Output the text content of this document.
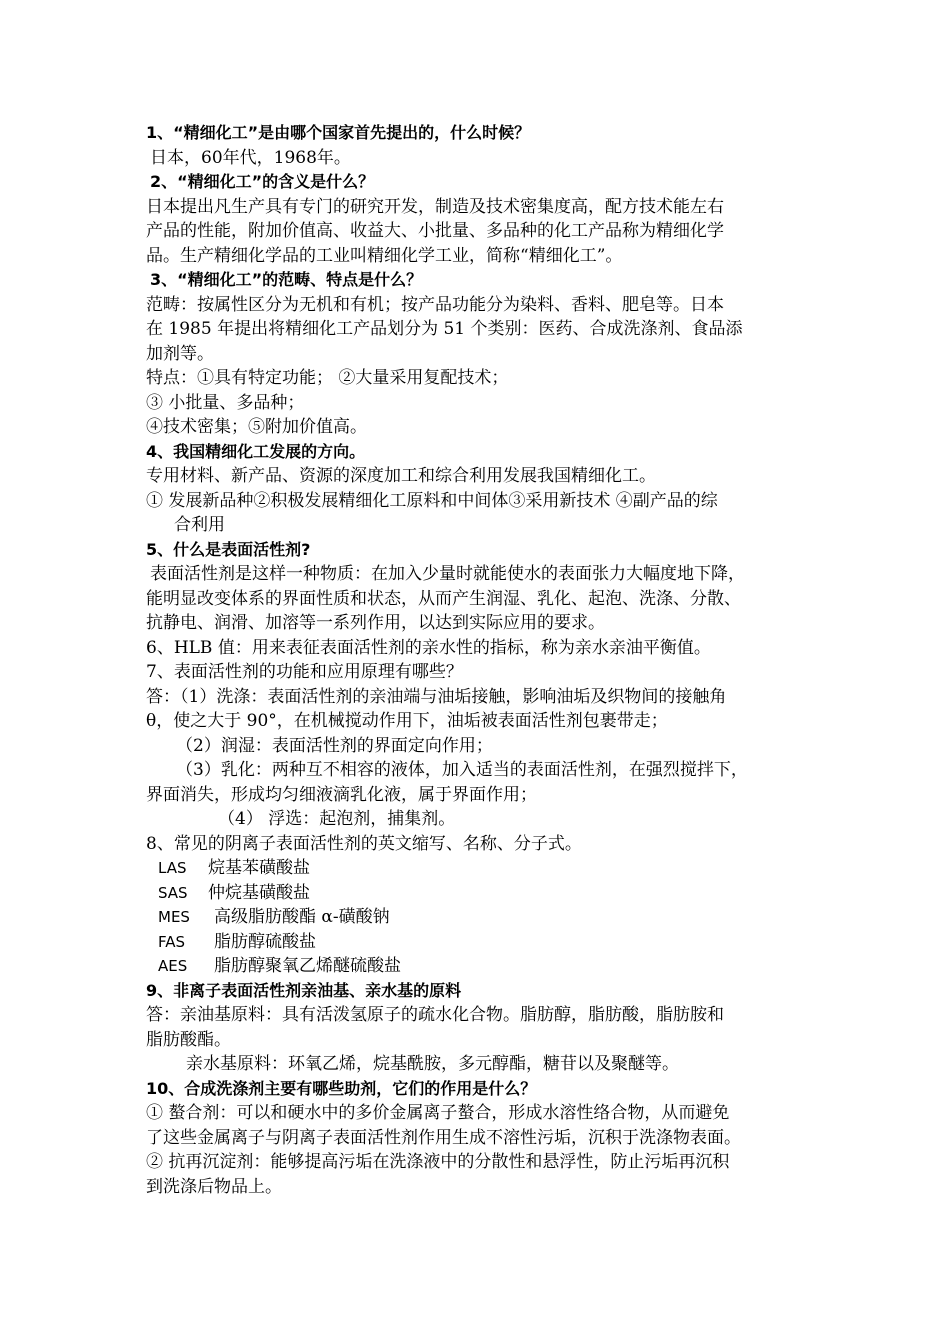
1、“精细化工”是由哪个国家首先提出的，什么时候？
日本，60年代，1968年。
2、“精细化工”的含义是什么？
日本提出凡生产具有专门的研究开发，制造及技术密集度高，配方技术能左右
产品的性能，附加价值高、收益大、小批量、多品种的化工产品称为精细化学
品。生产精细化学品的工业叫精细化学工业，简称“精细化工”。
3、“精细化工”的范畴、特点是什么？
范畴：按属性区分为无机和有机；按产品功能分为染料、香料、肥皂等。日本
在 1985 年提出将精细化工产品划分为 51 个类别：医药、合成洗涤剂、食品添
加剂等。
特点：①具有特定功能； ②大量采用复配技术；
③ 小批量、多品种；
④技术密集；⑤附加价值高。
4、我国精细化工发展的方向。
专用材料、新产品、资源的深度加工和综合利用发展我国精细化工。
① 发展新品种②积极发展精细化工原料和中间体③采用新技术 ④副产品的综
合利用
5、什么是表面活性剂?
表面活性剂是这样一种物质：在加入少量时就能使水的表面张力大幅度地下降，
能明显改变体系的界面性质和状态，从而产生润湿、乳化、起泡、洗涤、分散、
抗静电、润滑、加溶等一系列作用，以达到实际应用的要求。
6、HLB 值：用来表征表面活性剂的亲水性的指标，称为亲水亲油平衡值。
7、表面活性剂的功能和应用原理有哪些？
答：（1）洗涤：表面活性剂的亲油端与油垢接触，影响油垢及织物间的接触角
θ，使之大于 90°，在机械搅动作用下，油垢被表面活性剂包裹带走；
（2）润湿：表面活性剂的界面定向作用；
（3）乳化：两种互不相容的液体，加入适当的表面活性剂，在强烈搅拌下，
界面消失，形成均匀细液滴乳化液，属于界面作用；
（4） 浮选：起泡剂，捕集剂。
8、常见的阴离子表面活性剂的英文缩写、名称、分子式。
LAS 烷基苯磺酸盐
SAS 仲烷基磺酸盐
MES 高级脂肪酸酯 α-磺酸钠
FAS 脂肪醇硫酸盐
AES 脂肪醇聚氧乙烯醚硫酸盐
9、非离子表面活性剂亲油基、亲水基的原料
答：亲油基原料：具有活泼氢原子的疏水化合物。脂肪醇，脂肪酸，脂肪胺和
脂肪酸酯。
亲水基原料：环氧乙烯，烷基酰胺，多元醇酯，糖苷以及聚醚等。
10、合成洗涤剂主要有哪些助剂，它们的作用是什么？
① 螯合剂：可以和硬水中的多价金属离子螯合，形成水溶性络合物，从而避免
了这些金属离子与阴离子表面活性剂作用生成不溶性污垢，沉积于洗涤物表面。
② 抗再沉淀剂：能够提高污垢在洗涤液中的分散性和悬浮性，防止污垢再沉积
到洗涤后物品上。
